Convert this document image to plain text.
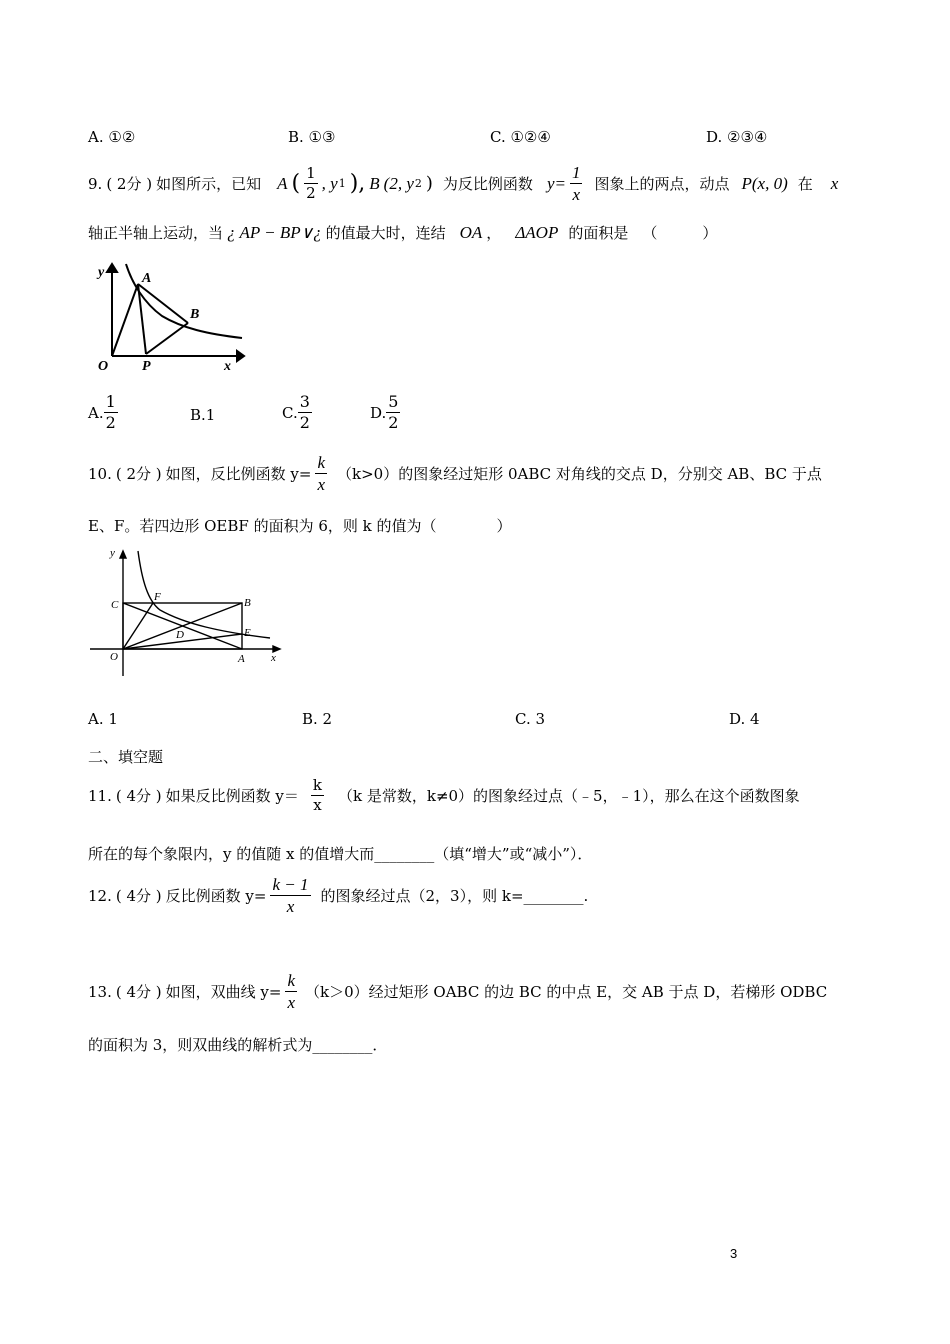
A. ①②	B. ①③	C. ①②④	D. ②③④
9. ( 2分 ) 如图所示，已知 A ( $\frac{1}{2}$ , y 1 ), B (2, y 2 ) 为反比例函数 $y= \frac{1}{x}$ 图象上的两点，动点 P(x, 0) 在 x
轴正半轴上运动，当 ¿ AP − BP∨¿ 的值最大时，连结 OA ， ΔAOP 的面积是 （　　　）
y	A
B
O P	x
A. $\frac{1}{2}$	B.1	C. $\frac{3}{2}$	D. $\frac{5}{2}$
10. ( 2分 ) 如图，反比例函数 $y= \frac{k}{x} (k>0)$的图象经过矩形 0ABC 对角线的交点 D，分别交 AB、BC 于点
E、F。若四边形 OEBF 的面积为 6，则 k 的值为（　　　　）
y
C
F	B
D	E
O	A x
A. 1	B. 2	C. 3	D. 4
二、填空题
11. ( 4分 ) 如果反比例函数 $y= \frac{k}{x} (k$ 是常数，k≠0）的图象经过点（﹣5，﹣1），那么在这个函数图象
所在的每个象限内，y 的值随 x 的值增大而________（填“增大”或“减小”）．
12. ( 4分 ) 反比例函数 $y= \frac{k - 1}{x}$ 的图象经过点（2，3），则 k=________.
13. ( 4分 ) 如图，双曲线 $y= \frac{k}{x} (k>0)$经过矩形 OABC 的边 BC 的中点 E，交 AB 于点 D，若梯形 ODBC
的面积为 3，则双曲线的解析式为________．
3
